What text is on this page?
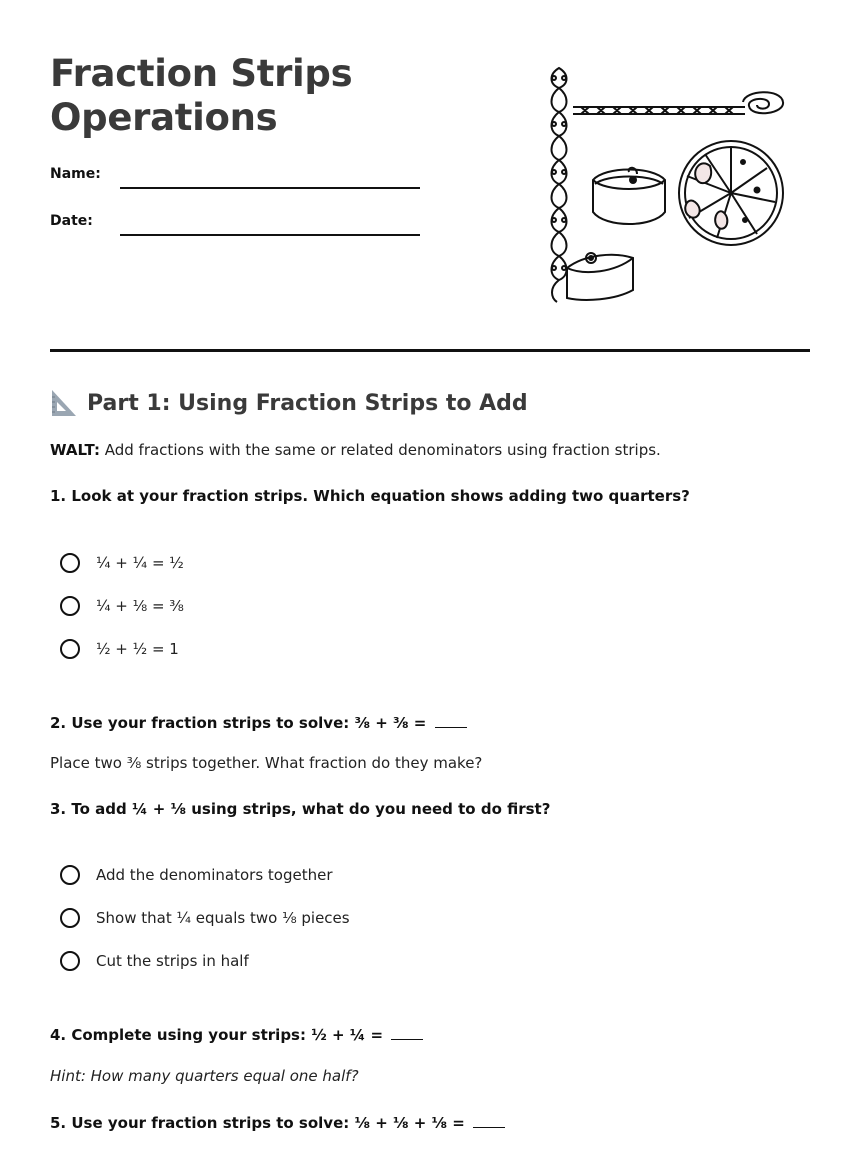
Fraction Strips
Operations
Name:
Date:
Part 1: Using Fraction Strips to Add
WALT: Add fractions with the same or related denominators using fraction strips.
1. Look at your fraction strips. Which equation shows adding two quarters?
¼ + ¼ = ½
¼ + ⅛ = ⅜
½ + ½ = 1
2. Use your fraction strips to solve: ⅜ + ⅜ =
Place two ⅜ strips together. What fraction do they make?
3. To add ¼ + ⅛ using strips, what do you need to do first?
Add the denominators together
Show that ¼ equals two ⅛ pieces
Cut the strips in half
4. Complete using your strips: ½ + ¼ =
Hint: How many quarters equal one half?
5. Use your fraction strips to solve: ⅛ + ⅛ + ⅛ =
